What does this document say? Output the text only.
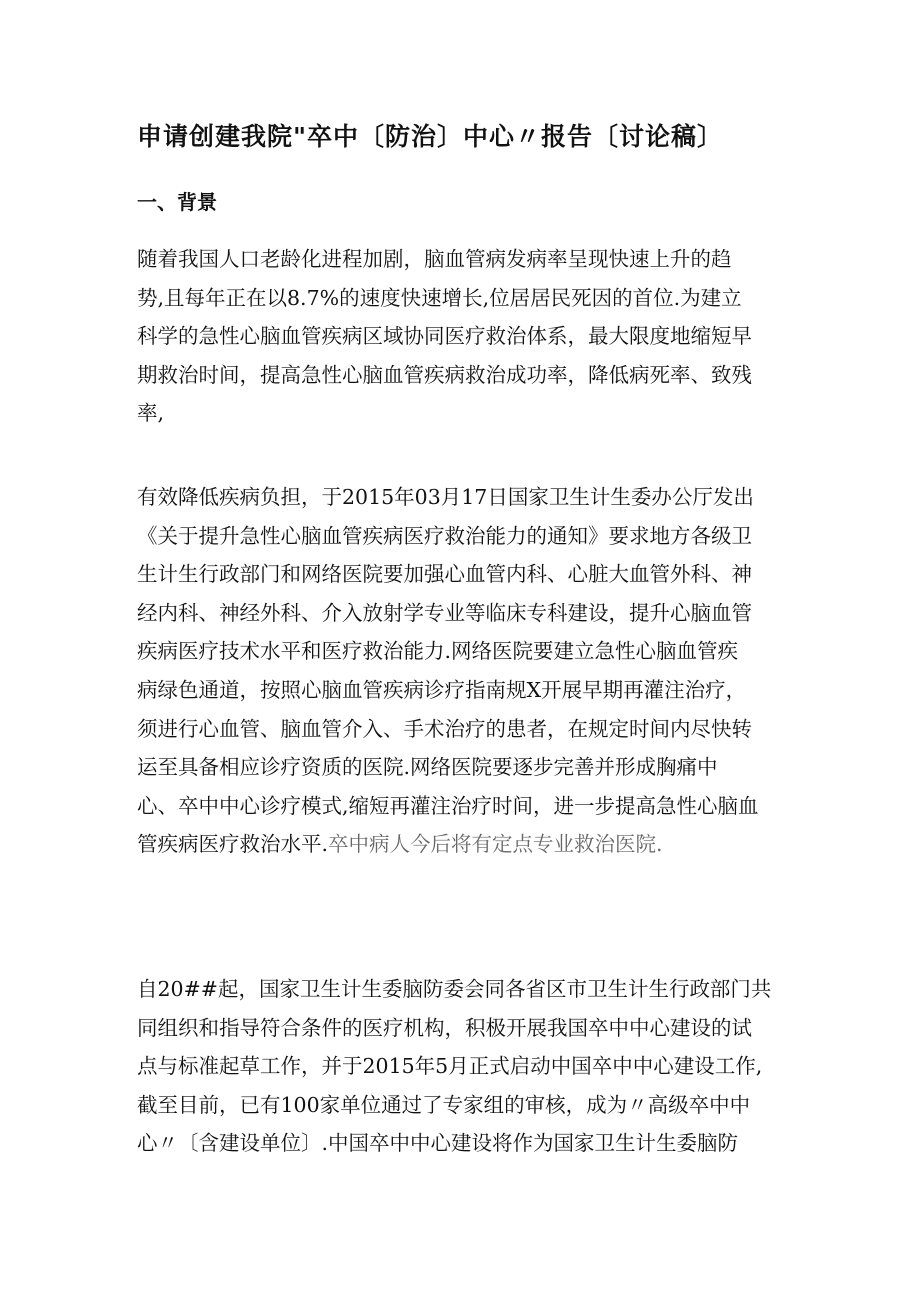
申请创建我院"卒中〔防治〕中心〃报告〔讨论稿〕
一、背景
随着我国人口老龄化进程加剧，脑血管病发病率呈现快速上升的趋
势,且每年正在以8.7%的速度快速增长,位居居民死因的首位.为建立
科学的急性心脑血管疾病区域协同医疗救治体系，最大限度地缩短早
期救治时间，提高急性心脑血管疾病救治成功率，降低病死率、致残
率,
有效降低疾病负担，于2015年03月17日国家卫生计生委办公厅发出
《关于提升急性心脑血管疾病医疗救治能力的通知》要求地方各级卫
生计生行政部门和网络医院要加强心血管内科、心脏大血管外科、神
经内科、神经外科、介入放射学专业等临床专科建设，提升心脑血管
疾病医疗技术水平和医疗救治能力.网络医院要建立急性心脑血管疾
病绿色通道，按照心脑血管疾病诊疗指南规X开展早期再灌注治疗，
须进行心血管、脑血管介入、手术治疗的患者，在规定时间内尽快转
运至具备相应诊疗资质的医院.网络医院要逐步完善并形成胸痛中
心、卒中中心诊疗模式,缩短再灌注治疗时间，进一步提高急性心脑血
管疾病医疗救治水平.卒中病人今后将有定点专业救治医院.
自20##起，国家卫生计生委脑防委会同各省区市卫生计生行政部门共
同组织和指导符合条件的医疗机构，积极开展我国卒中中心建设的试
点与标准起草工作，并于2015年5月正式启动中国卒中中心建设工作,
截至目前，已有100家单位通过了专家组的审核，成为〃高级卒中中
心〃〔含建设单位〕.中国卒中中心建设将作为国家卫生计生委脑防
